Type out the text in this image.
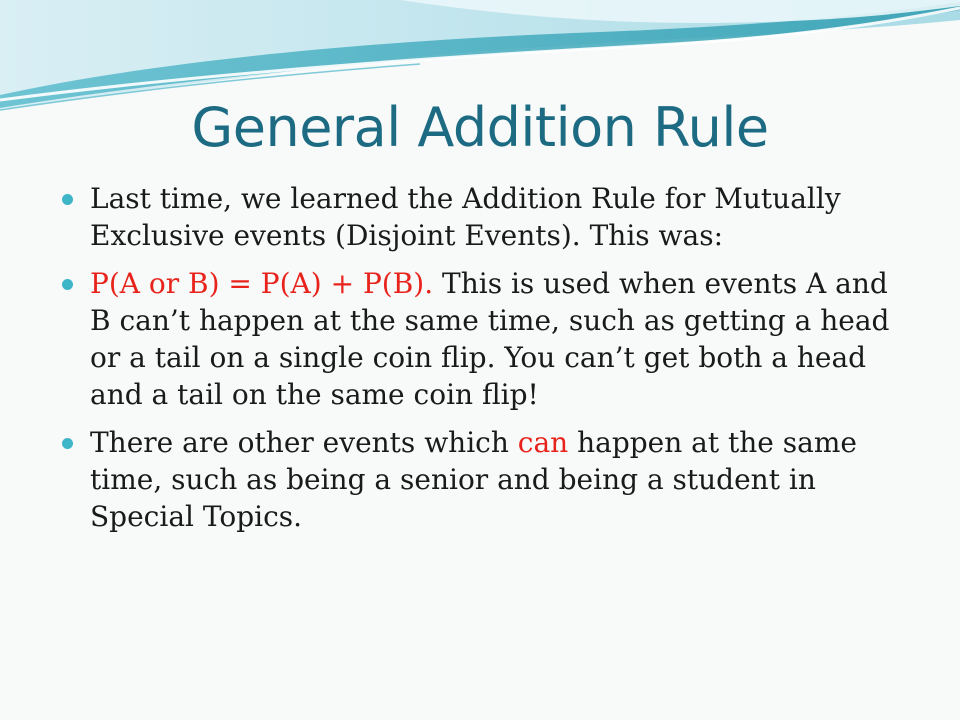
General Addition Rule
Last time, we learned the Addition Rule for Mutually Exclusive events (Disjoint Events). This was:
P(A or B) = P(A) + P(B). This is used when events A and B can’t happen at the same time, such as getting a head or a tail on a single coin flip. You can’t get both a head and a tail on the same coin flip!
There are other events which can happen at the same time, such as being a senior and being a student in Special Topics.
